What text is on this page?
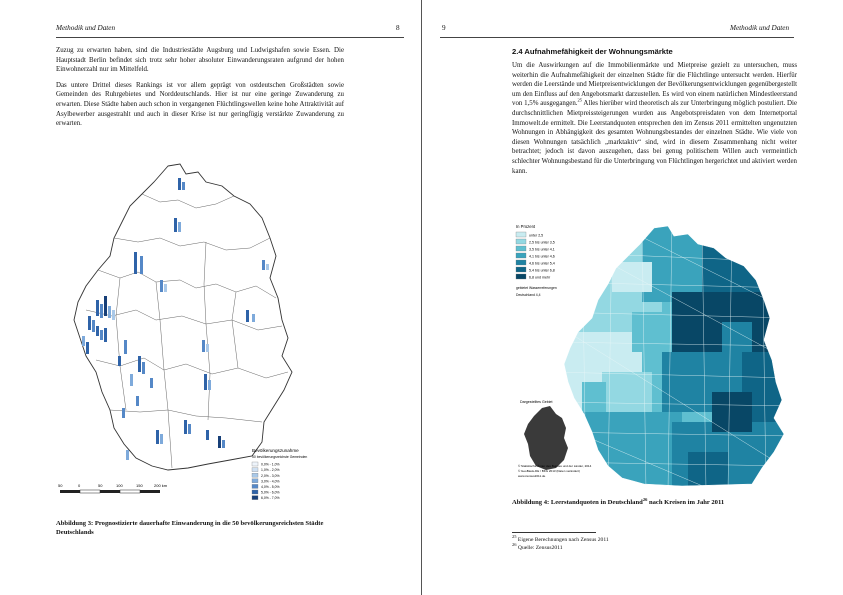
Methodik und Daten	8

Zuzug zu erwarten haben, sind die Industriestädte Augsburg und Ludwigshafen sowie Essen. Die Hauptstadt Berlin befindet sich trotz sehr hoher absoluter Einwanderungsraten aufgrund der hohen Einwohnerzahl nur im Mittelfeld.

Das untere Drittel dieses Rankings ist vor allem geprägt von ostdeutschen Großstädten sowie Gemeinden des Ruhrgebietes und Norddeutschlands. Hier ist nur eine geringe Zuwanderung zu erwarten. Diese Städte haben auch schon in vergangenen Flüchtlingswellen keine hohe Attraktivität auf Asylbewerber ausgestrahlt und auch in dieser Krise ist nur geringfügig verstärkte Zuwanderung zu erwarten.

50	0	50	100	150	200 km
Bevölkerungszunahme
50 bevölkerungsreichste Gemeinden
0,0% - 1,0%
1,0% - 2,0%
2,0% - 3,0%
3,0% - 4,0%
4,0% - 5,0%
5,0% - 6,0%
6,0% - 7,0%
Abbildung 3: Prognostizierte dauerhafte Einwanderung in die 50 bevölkerungsreichsten Städte Deutschlands
9	Methodik und Daten
2.4 Aufnahmefähigkeit der Wohnungsmärkte

Um die Auswirkungen auf die Immobilienmärkte und Mietpreise gezielt zu untersuchen, muss weiterhin die Aufnahmefähigkeit der einzelnen Städte für die Flüchtlinge untersucht werden. Hierfür werden die Leerstände und Mietpreisentwicklungen der Bevölkerungsentwicklungen gegenübergestellt um den Einfluss auf den Angebotsmarkt darzustellen. Es wird von einem natürlichen Mindestleerstand von 1,5% ausgegangen.$^{25}$ Alles hierüber wird theoretisch als zur Unterbringung möglich postuliert. Die durchschnittlichen Mietpreissteigerungen wurden aus Angebotspreisdaten von dem Internetportal Immowelt.de ermittelt. Die Leerstandquoten entsprechen den im Zensus 2011 ermittelten ungenutzten Wohnungen in Abhängigkeit des gesamten Wohnungsbestandes der einzelnen Städte. Wie viele von diesen Wohnungen tatsächlich „marktaktiv“ sind, wird in diesem Zusammenhang nicht weiter betrachtet; jedoch ist davon auszugehen, dass bei genug politischem Willen auch vermeintlich schlechter Wohnungsbestand für die Unterbringung von Flüchtlingen hergerichtet und aktiviert werden kann.

In Prozent
unter 2,5
2,5 bis unter 3,5
3,5 bis unter 4,1
4,1 bis unter 4,6
4,6 bis unter 5,4
5,4 bis unter 6,8
6,8 und mehr
gebietet Wasserreferungen
Deutschland 4,4
Dargestelltes Gebiet
© Statistische Ämter des Bundes und der Länder, 2014
© GeoBasis-DE / BKG 2013 (Daten verändert)
www.zensus2011.de
Abbildung 4: Leerstandquoten in Deutschland$^{26}$ nach Kreisen im Jahr 2011
$^{25}$ Eigene Berechnungen nach Zensus 2011
$^{26}$ Quelle: Zensus2011
